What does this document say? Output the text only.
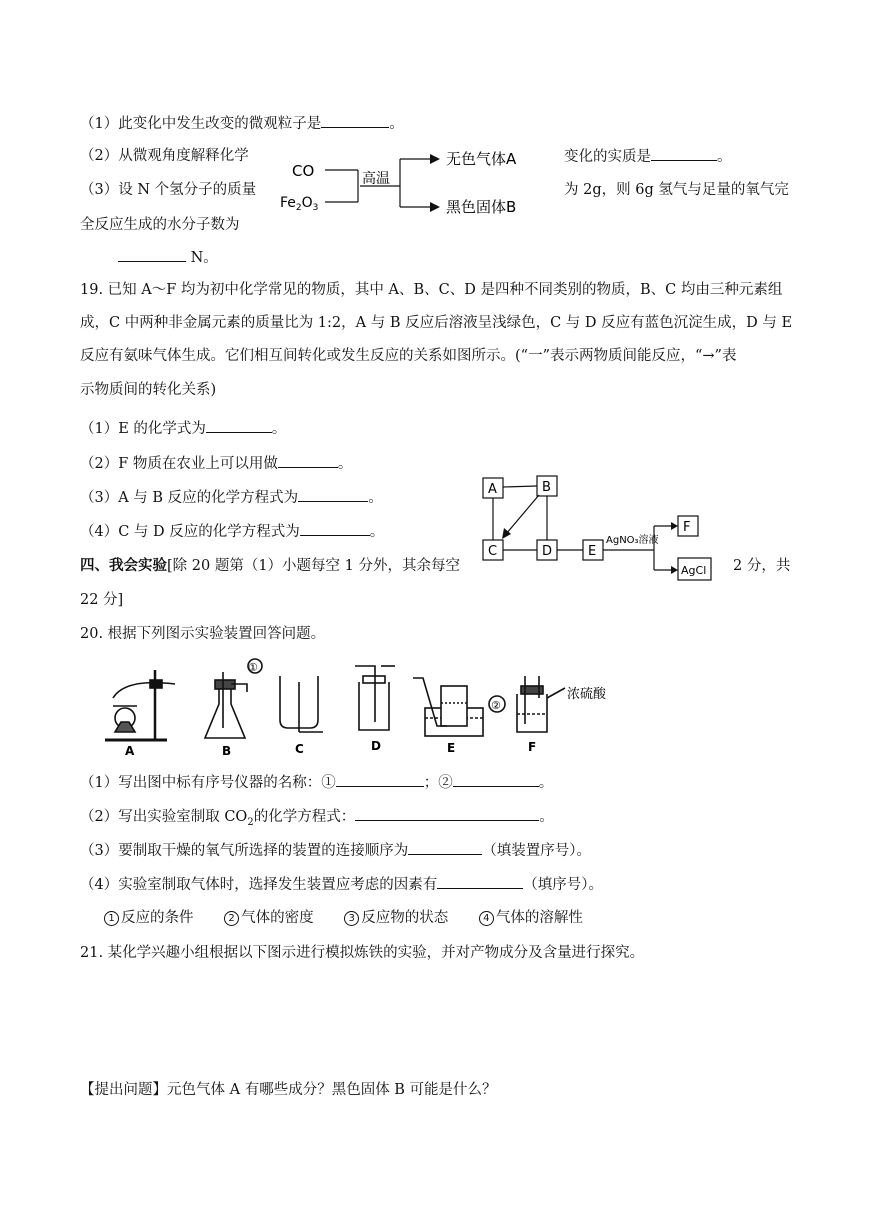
（1）此变化中发生改变的微观粒子是	。
（2）从微观角度解释化学	变化的实质是	。
（3）设 N 个氢分子的质量	为 2g，则 6g 氢气与足量的氧气完
全反应生成的水分子数为
N。
CO
$Fe_2O_3$
高温
无色气体A
黑色固体B
19. 已知 A～F 均为初中化学常见的物质，其中 A、B、C、D 是四种不同类别的物质，B、C 均由三种元素组
成，C 中两种非金属元素的质量比为 1:2，A 与 B 反应后溶液呈浅绿色，C 与 D 反应有蓝色沉淀生成，D 与 E
反应有氨味气体生成。它们相互间转化或发生反应的关系如图所示。(“一”表示两物质间能反应，“→”表
示物质间的转化关系)
（1）E 的化学式为	。
（2）F 物质在农业上可以用做	。
（3）A 与 B 反应的化学方程式为	。
（4）C 与 D 反应的化学方程式为	。
A	B
C	D	E
AgNO₃溶液
F
AgCl
四、我会实验[除 20 题第（1）小题每空 1 分外，其余每空	2 分，共
22 分]
20. 根据下列图示实验装置回答问题。
A
①
B	C	D
②
E
浓硫酸
F
（1）写出图中标有序号仪器的名称：①	；②	。
（2）写出实验室制取 $CO_2$的化学方程式：	。
（3）要制取干燥的氧气所选择的装置的连接顺序为	（填装置序号）。
（4）实验室制取气体时，选择发生装置应考虑的因素有	（填序号）。
1 反应的条件	2 气体的密度	3 反应物的状态	4 气体的溶解性
21. 某化学兴趣小组根据以下图示进行模拟炼铁的实验，并对产物成分及含量进行探究。
【提出问题】元色气体 A 有哪些成分？黑色固体 B 可能是什么？
